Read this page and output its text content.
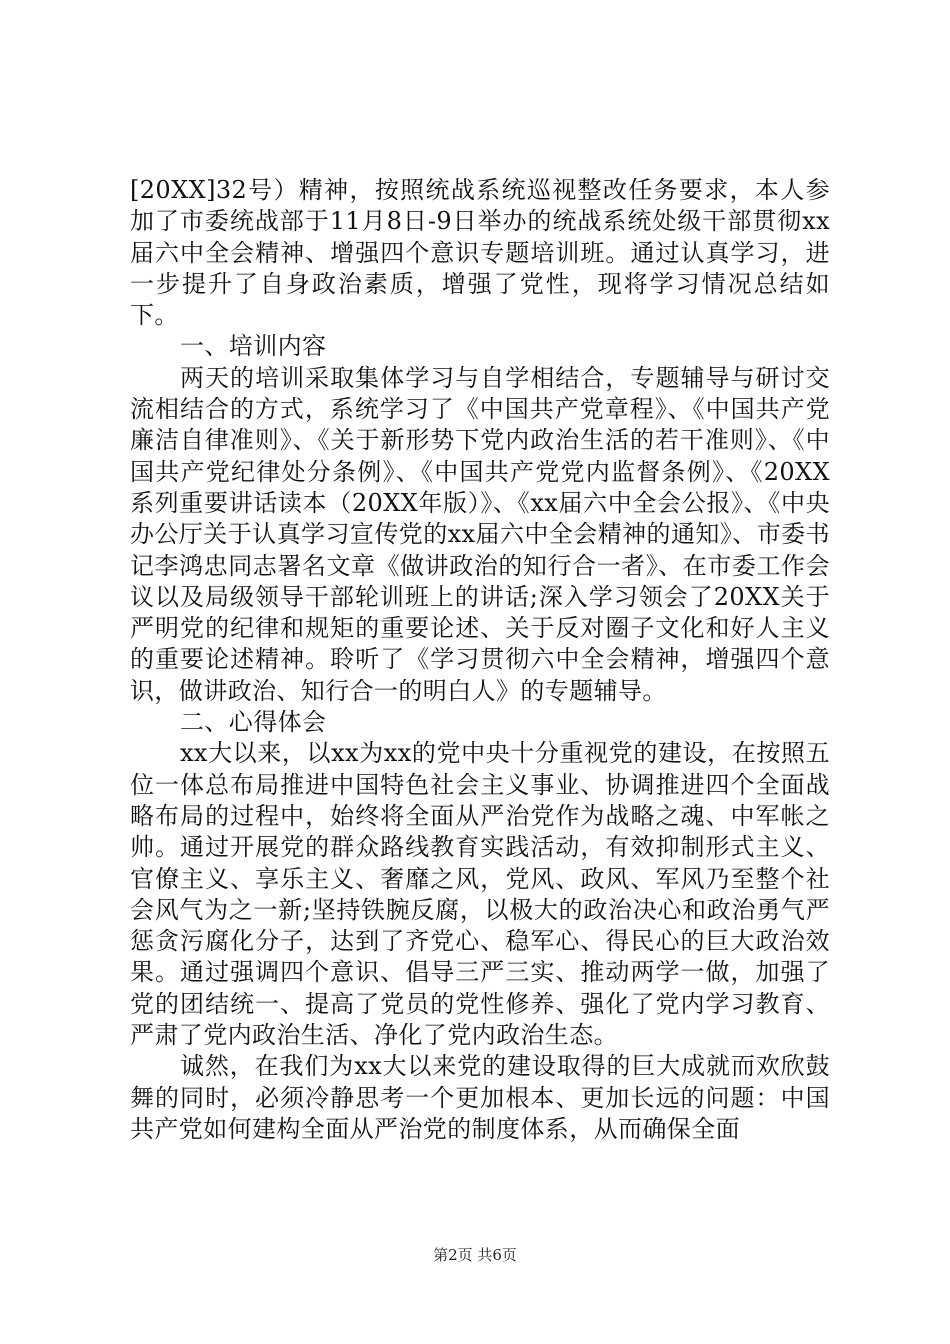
[20XX]32号）精神，按照统战系统巡视整改任务要求，本人参加了市委统战部于11月8日-9日举办的统战系统处级干部贯彻xx届六中全会精神、增强四个意识专题培训班。通过认真学习，进一步提升了自身政治素质，增强了党性，现将学习情况总结如下。

一、培训内容

两天的培训采取集体学习与自学相结合，专题辅导与研讨交流相结合的方式，系统学习了《中国共产党章程》、《中国共产党廉洁自律准则》、《关于新形势下党内政治生活的若干准则》、《中国共产党纪律处分条例》、《中国共产党党内监督条例》、《20XX系列重要讲话读本（20XX年版）》、《xx届六中全会公报》、《中央办公厅关于认真学习宣传党的xx届六中全会精神的通知》、市委书记李鸿忠同志署名文章《做讲政治的知行合一者》、在市委工作会议以及局级领导干部轮训班上的讲话;深入学习领会了20XX关于严明党的纪律和规矩的重要论述、关于反对圈子文化和好人主义的重要论述精神。聆听了《学习贯彻六中全会精神，增强四个意识，做讲政治、知行合一的明白人》的专题辅导。

二、心得体会

xx大以来，以xx为xx的党中央十分重视党的建设，在按照五位一体总布局推进中国特色社会主义事业、协调推进四个全面战略布局的过程中，始终将全面从严治党作为战略之魂、中军帐之帅。通过开展党的群众路线教育实践活动，有效抑制形式主义、官僚主义、享乐主义、奢靡之风，党风、政风、军风乃至整个社会风气为之一新;坚持铁腕反腐，以极大的政治决心和政治勇气严惩贪污腐化分子，达到了齐党心、稳军心、得民心的巨大政治效果。通过强调四个意识、倡导三严三实、推动两学一做，加强了党的团结统一、提高了党员的党性修养、强化了党内学习教育、严肃了党内政治生活、净化了党内政治生态。

诚然，在我们为xx大以来党的建设取得的巨大成就而欢欣鼓舞的同时，必须冷静思考一个更加根本、更加长远的问题：中国共产党如何建构全面从严治党的制度体系，从而确保全面

第2页 共6页
